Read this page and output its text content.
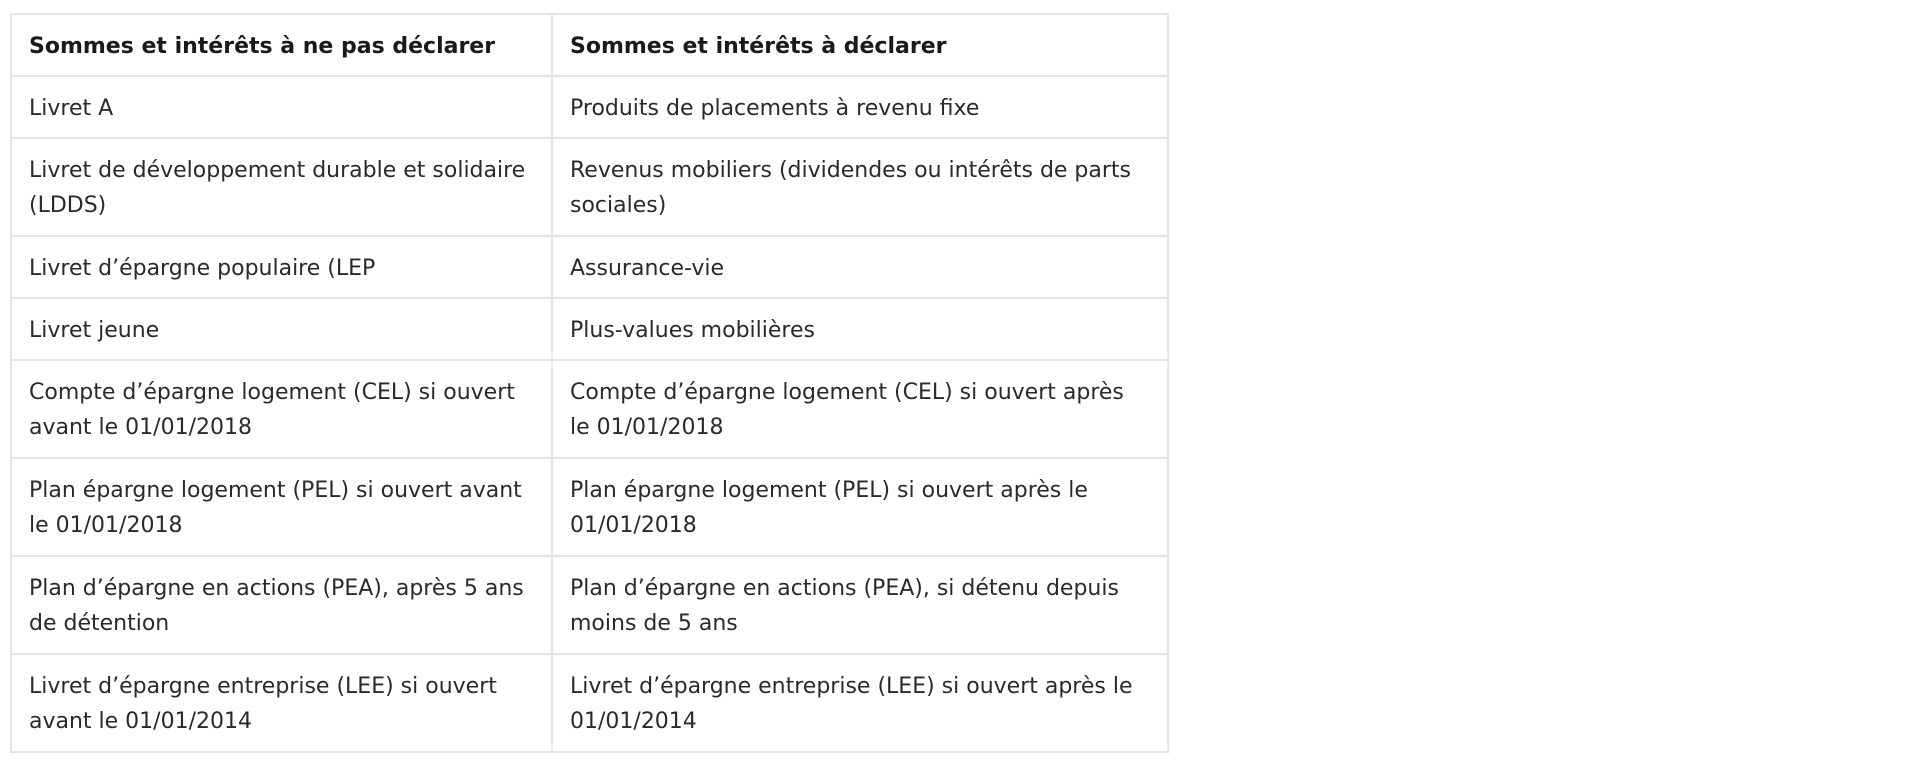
Sommes et intérêts à ne pas déclarer	Sommes et intérêts à déclarer
Livret A	Produits de placements à revenu fixe
Livret de développement durable et solidaire (LDDS)	Revenus mobiliers (dividendes ou intérêts de parts sociales)
Livret d’épargne populaire (LEP	Assurance-vie
Livret jeune	Plus-values mobilières
Compte d’épargne logement (CEL) si ouvert avant le 01/01/2018	Compte d’épargne logement (CEL) si ouvert après le 01/01/2018
Plan épargne logement (PEL) si ouvert avant le 01/01/2018	Plan épargne logement (PEL) si ouvert après le 01/01/2018
Plan d’épargne en actions (PEA), après 5 ans de détention	Plan d’épargne en actions (PEA), si détenu depuis moins de 5 ans
Livret d’épargne entreprise (LEE) si ouvert avant le 01/01/2014	Livret d’épargne entreprise (LEE) si ouvert après le 01/01/2014
